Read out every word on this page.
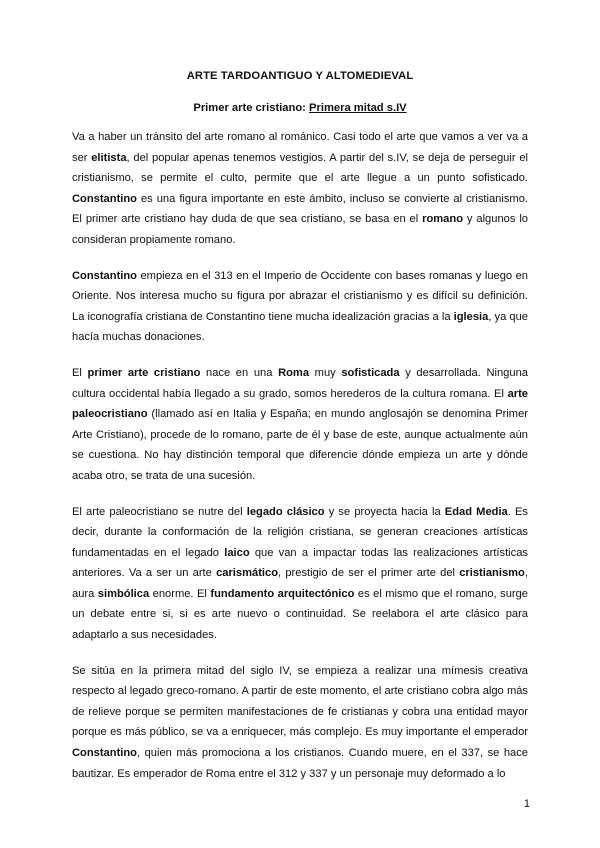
ARTE TARDOANTIGUO Y ALTOMEDIEVAL
Primer arte cristiano: Primera mitad s.IV

Va a haber un tránsito del arte romano al románico. Casi todo el arte que vamos a ver va a ser elitista, del popular apenas tenemos vestigios. A partir del s.IV, se deja de perseguir el cristianismo, se permite el culto, permite que el arte llegue a un punto sofisticado. Constantino es una figura importante en este ámbito, incluso se convierte al cristianismo. El primer arte cristiano hay duda de que sea cristiano, se basa en el romano y algunos lo consideran propiamente romano.

Constantino empieza en el 313 en el Imperio de Occidente con bases romanas y luego en Oriente. Nos interesa mucho su figura por abrazar el cristianismo y es difícil su definición. La iconografía cristiana de Constantino tiene mucha idealización gracias a la iglesia, ya que hacía muchas donaciones.

El primer arte cristiano nace en una Roma muy sofisticada y desarrollada. Ninguna cultura occidental había llegado a su grado, somos herederos de la cultura romana. El arte paleocristiano (llamado así en Italia y España; en mundo anglosajón se denomina Primer Arte Cristiano), procede de lo romano, parte de él y base de este, aunque actualmente aún se cuestiona. No hay distinción temporal que diferencie dónde empieza un arte y dónde acaba otro, se trata de una sucesión.

El arte paleocristiano se nutre del legado clásico y se proyecta hacia la Edad Media. Es decir, durante la conformación de la religión cristiana, se generan creaciones artísticas fundamentadas en el legado laico que van a impactar todas las realizaciones artísticas anteriores. Va a ser un arte carismático, prestigio de ser el primer arte del cristianismo, aura simbólica enorme. El fundamento arquitectónico es el mismo que el romano, surge un debate entre si, si es arte nuevo o continuidad. Se reelabora el arte clásico para adaptarlo a sus necesidades.

Se sitúa en la primera mitad del siglo IV, se empieza a realizar una mímesis creativa respecto al legado greco-romano. A partir de este momento, el arte cristiano cobra algo más de relieve porque se permiten manifestaciones de fe cristianas y cobra una entidad mayor porque es más público, se va a enriquecer, más complejo. Es muy importante el emperador Constantino, quien más promociona a los cristianos. Cuando muere, en el 337, se hace bautizar. Es emperador de Roma entre el 312 y 337 y un personaje muy deformado a lo

1
